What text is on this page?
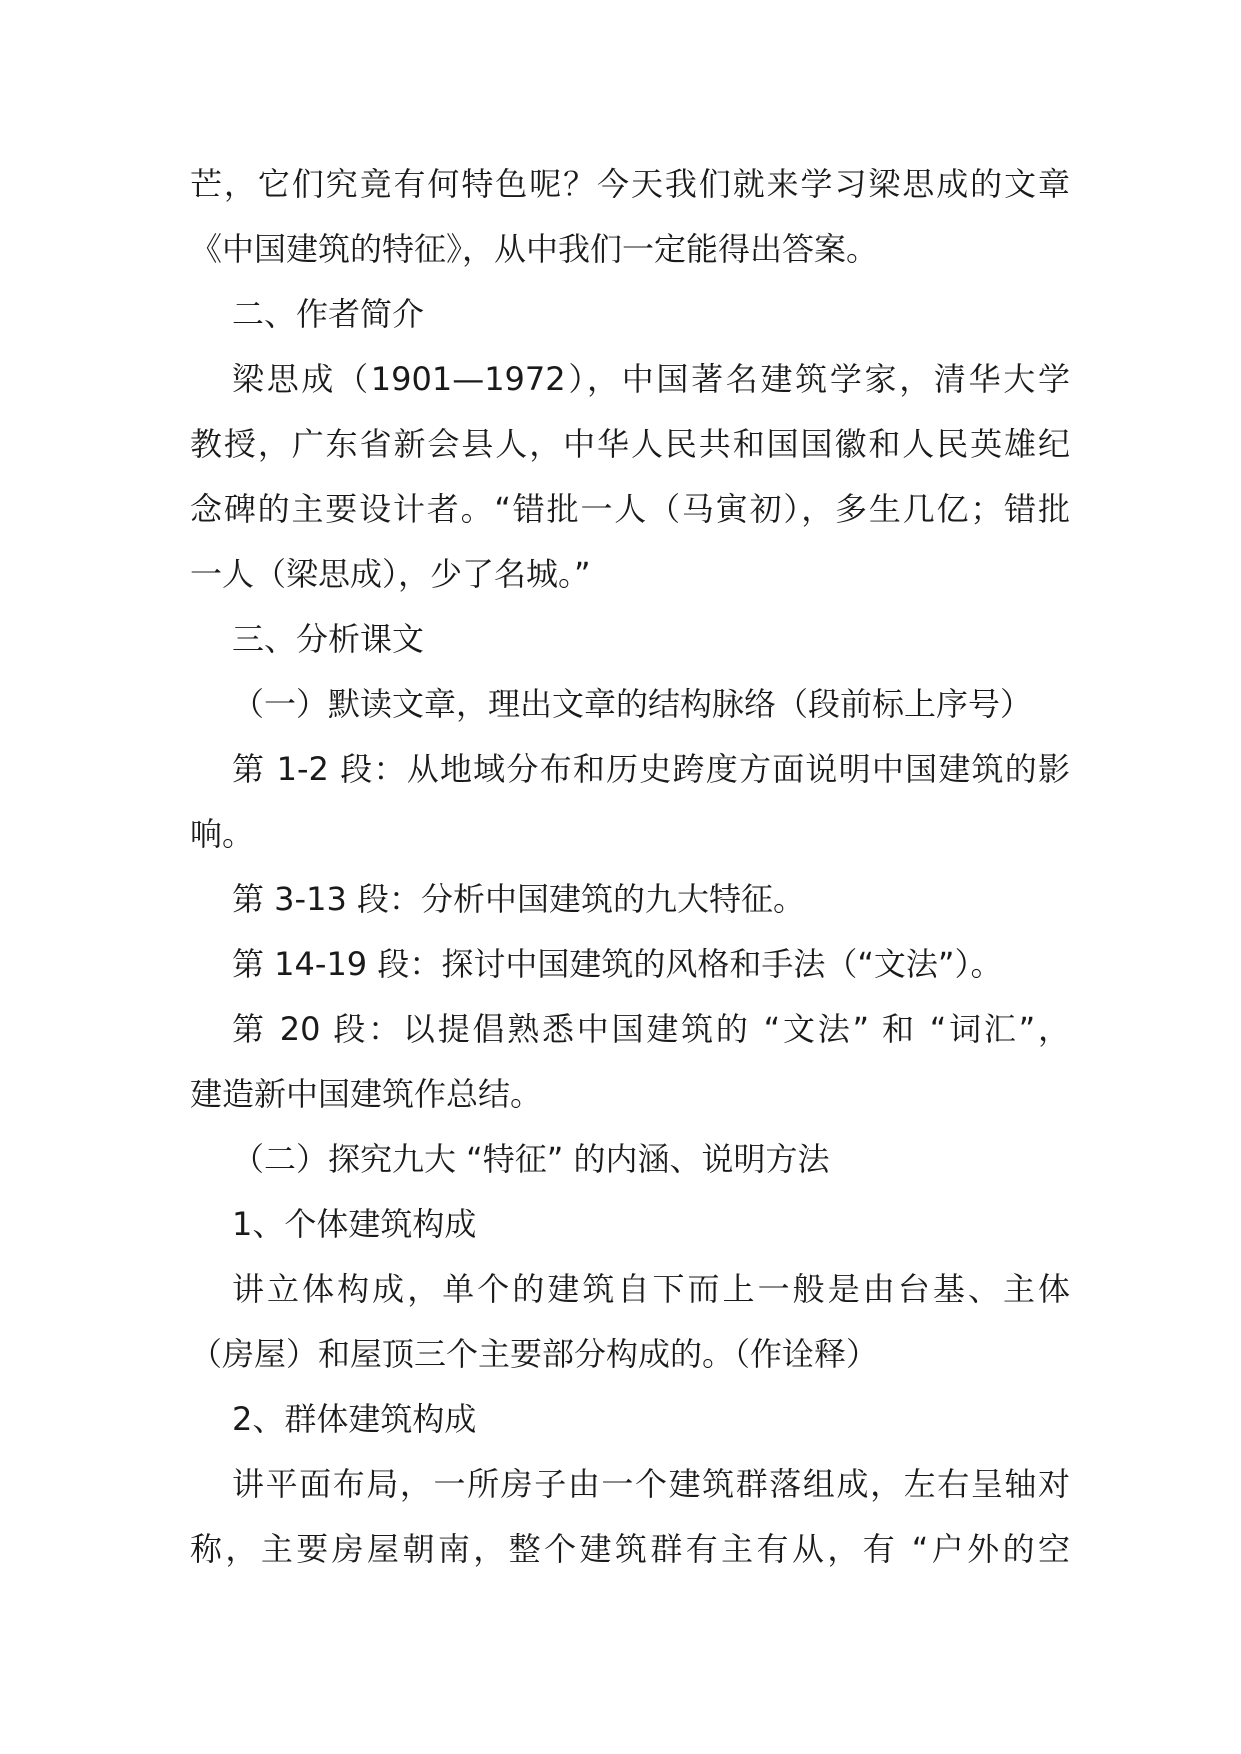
芒，它们究竟有何特色呢？今天我们就来学习梁思成的文章
《中国建筑的特征》，从中我们一定能得出答案。
二、作者简介
梁思成（1901—1972），中国著名建筑学家，清华大学
教授，广东省新会县人，中华人民共和国国徽和人民英雄纪
念碑的主要设计者。“错批一人（马寅初），多生几亿；错批
一人（梁思成），少了名城。”
三、分析课文
（一）默读文章，理出文章的结构脉络（段前标上序号）
第 1-2 段：从地域分布和历史跨度方面说明中国建筑的影
响。
第 3-13 段：分析中国建筑的九大特征。
第 14-19 段：探讨中国建筑的风格和手法（“文法”）。
第 20 段：以提倡熟悉中国建筑的 “文法” 和 “词汇”，
建造新中国建筑作总结。
（二）探究九大 “特征” 的内涵、说明方法
1、个体建筑构成
讲立体构成，单个的建筑自下而上一般是由台基、主体
（房屋）和屋顶三个主要部分构成的。（作诠释）
2、群体建筑构成
讲平面布局，一所房子由一个建筑群落组成，左右呈轴对
称，主要房屋朝南，整个建筑群有主有从，有 “户外的空
